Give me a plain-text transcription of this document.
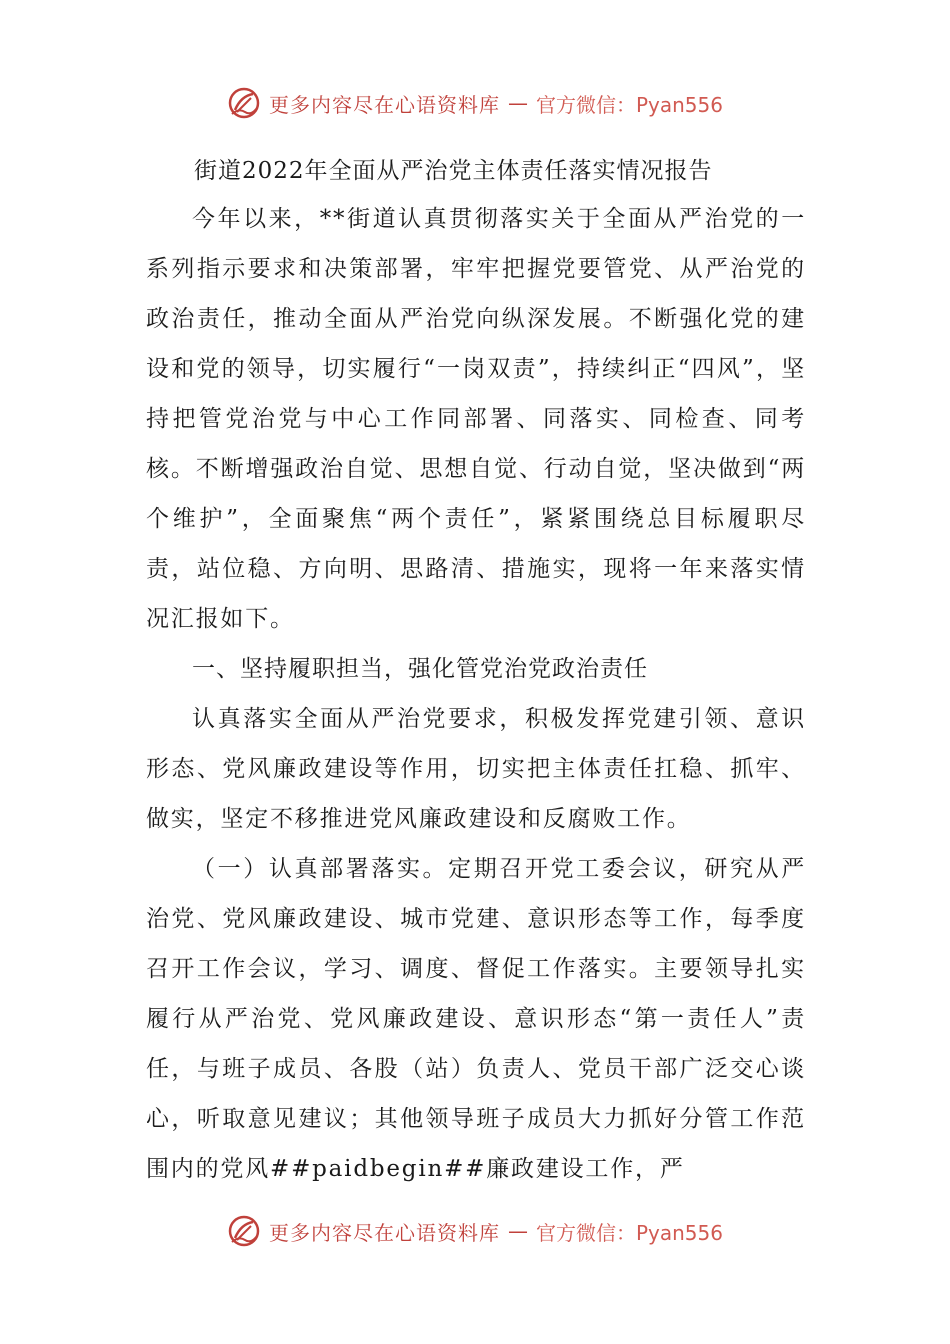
更多内容尽在心语资料库 — 官方微信：Pyan556
街道2022年全面从严治党主体责任落实情况报告

今年以来，**街道认真贯彻落实关于全面从严治党的一系列指示要求和决策部署，牢牢把握党要管党、从严治党的政治责任，推动全面从严治党向纵深发展。不断强化党的建设和党的领导，切实履行“一岗双责”，持续纠正“四风”，坚持把管党治党与中心工作同部署、同落实、同检查、同考核。不断增强政治自觉、思想自觉、行动自觉，坚决做到“两个维护”，全面聚焦“两个责任”，紧紧围绕总目标履职尽责，站位稳、方向明、思路清、措施实，现将一年来落实情况汇报如下。

一、坚持履职担当，强化管党治党政治责任

认真落实全面从严治党要求，积极发挥党建引领、意识形态、党风廉政建设等作用，切实把主体责任扛稳、抓牢、做实，坚定不移推进党风廉政建设和反腐败工作。

（一）认真部署落实。定期召开党工委会议，研究从严治党、党风廉政建设、城市党建、意识形态等工作，每季度召开工作会议，学习、调度、督促工作落实。主要领导扎实履行从严治党、党风廉政建设、意识形态“第一责任人”责任，与班子成员、各股（站）负责人、党员干部广泛交心谈心，听取意见建议；其他领导班子成员大力抓好分管工作范围内的党风##paidbegin##廉政建设工作，严

更多内容尽在心语资料库 — 官方微信：Pyan556
